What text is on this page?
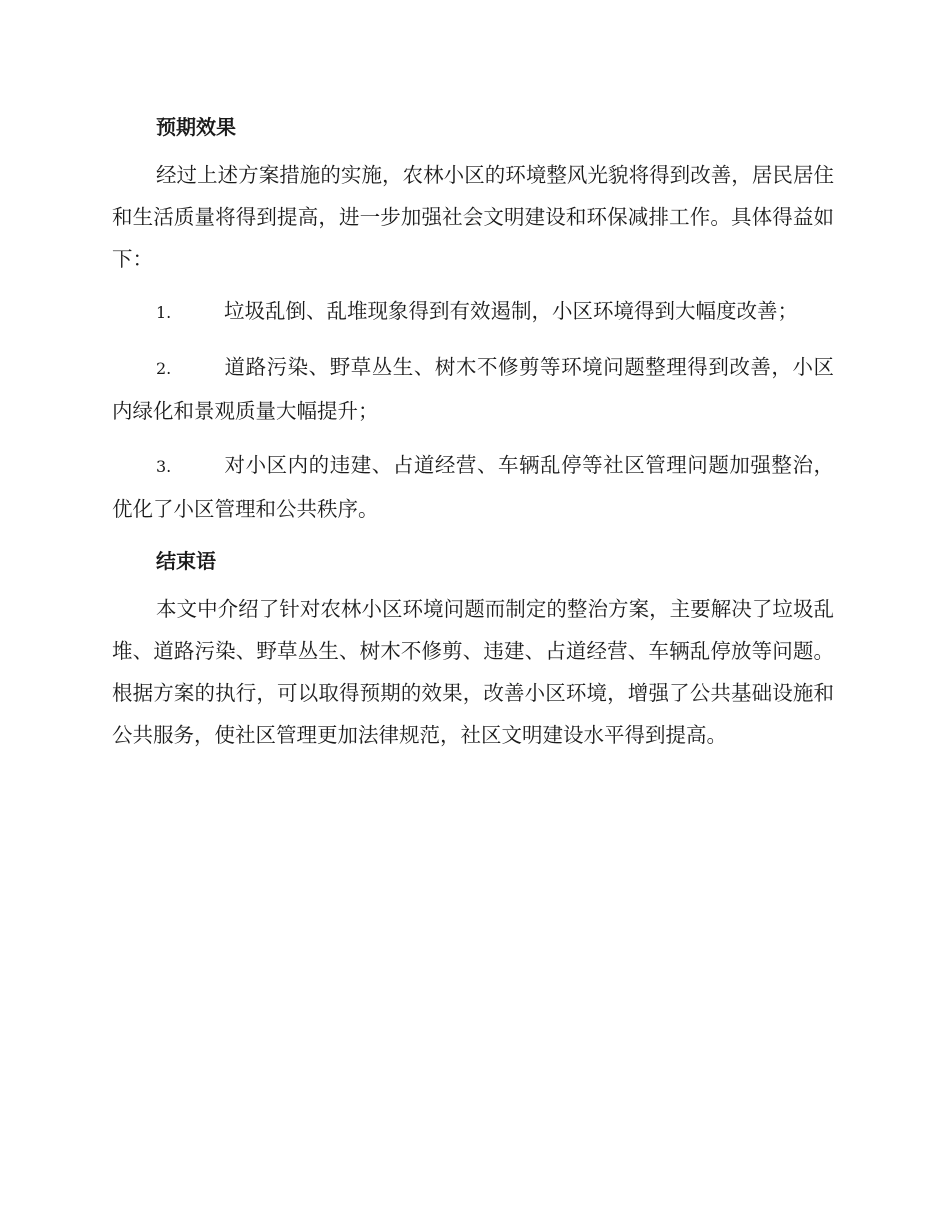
预期效果

经过上述方案措施的实施，农林小区的环境整风光貌将得到改善，居民居住和生活质量将得到提高，进一步加强社会文明建设和环保减排工作。具体得益如下：

1.	垃圾乱倒、乱堆现象得到有效遏制，小区环境得到大幅度改善；

2.	道路污染、野草丛生、树木不修剪等环境问题整理得到改善，小区内绿化和景观质量大幅提升；

3.	对小区内的违建、占道经营、车辆乱停等社区管理问题加强整治，优化了小区管理和公共秩序。

结束语

本文中介绍了针对农林小区环境问题而制定的整治方案，主要解决了垃圾乱堆、道路污染、野草丛生、树木不修剪、违建、占道经营、车辆乱停放等问题。根据方案的执行，可以取得预期的效果，改善小区环境，增强了公共基础设施和公共服务，使社区管理更加法律规范，社区文明建设水平得到提高。
